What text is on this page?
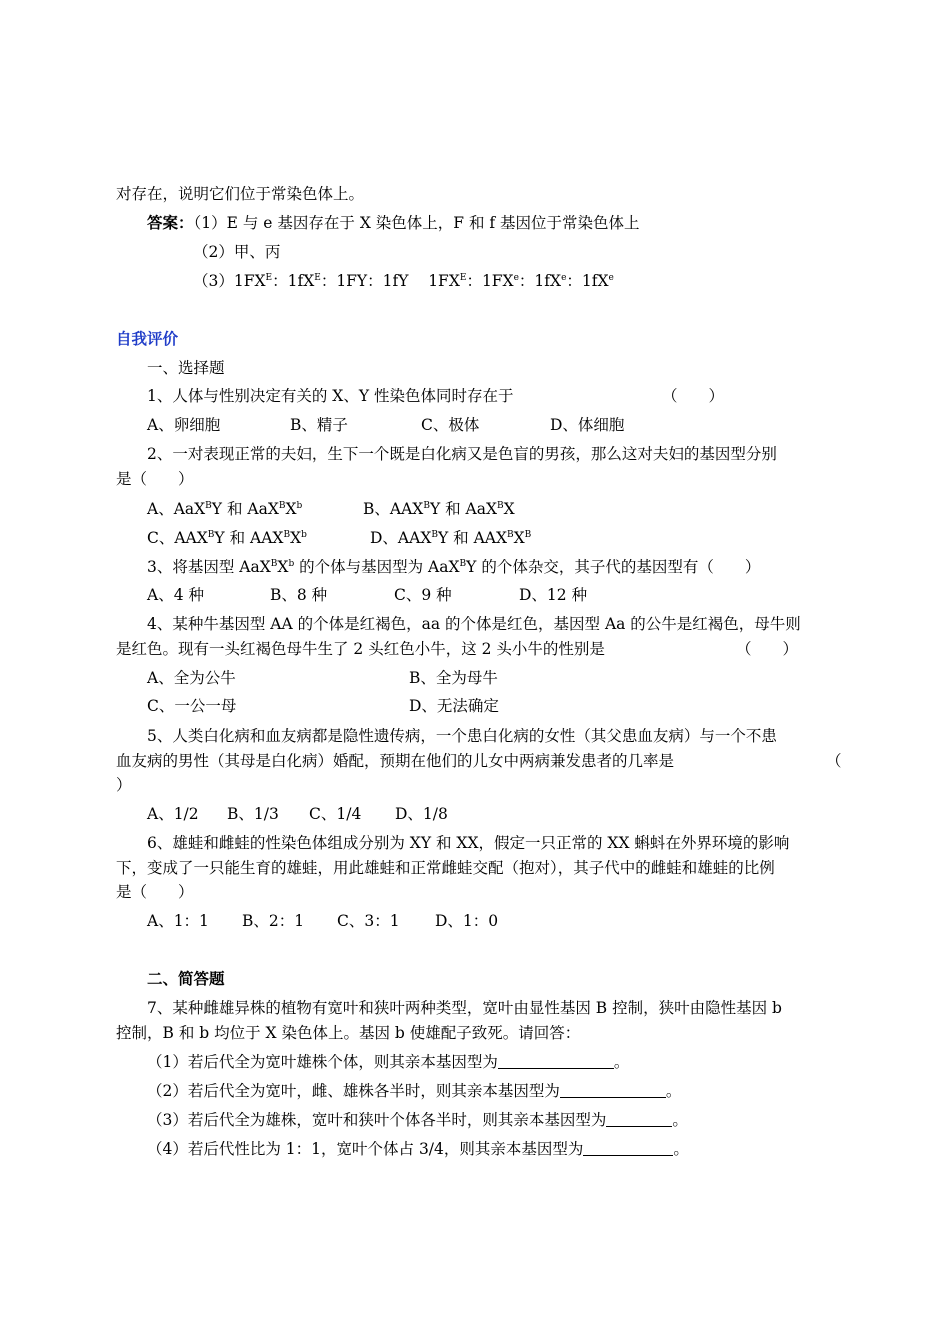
对存在，说明它们位于常染色体上。
答案：（1）E 与 e 基因存在于 X 染色体上，F 和 f 基因位于常染色体上
（2）甲、丙
$(3)1FX^E$：$1fX^E$：1FY：1fY    $1FX^E$：$1FX^e$：$1fX^e$：$1fX^e$
自我评价
一、选择题
1、人体与性别决定有关的 X、Y 性染色体同时存在于	（　　）
A、卵细胞	B、精子	C、极体	D、体细胞
2、一对表现正常的夫妇，生下一个既是白化病又是色盲的男孩，那么这对夫妇的基因型分别
是（　　）
A、AaX$^B$Y 和 $AaX^BX^b$	B、$AAX^BY$ 和 AaX$^B$X
C、$AAX^BY$ 和 $AAX^BX^b$	D、$AAX^BY$ 和 $AAX^BX^B$
3、将基因型 $AaX^BX^b$ 的个体与基因型为 AaX$^B$Y 的个体杂交，其子代的基因型有（　　）
A、4 种	B、8 种	C、9 种	D、12 种
4、某种牛基因型 AA 的个体是红褐色，aa 的个体是红色，基因型 Aa 的公牛是红褐色，母牛则
是红色。现有一头红褐色母牛生了 2 头红色小牛，这 2 头小牛的性别是	（　　）
A、全为公牛	B、全为母牛
C、一公一母	D、无法确定
5、人类白化病和血友病都是隐性遗传病，一个患白化病的女性（其父患血友病）与一个不患
血友病的男性（其母是白化病）婚配，预期在他们的儿女中两病兼发患者的几率是	（
）
A、1/2 B、1/3 C、1/4 D、1/8
6、雄蛙和雌蛙的性染色体组成分别为 XY 和 XX，假定一只正常的 XX 蝌蚪在外界环境的影响
下，变成了一只能生育的雄蛙，用此雄蛙和正常雌蛙交配（抱对），其子代中的雌蛙和雄蛙的比例
是（　　）
A、1：1 B、2：1 C、3：1 D、1：0
二、简答题
7、某种雌雄异株的植物有宽叶和狭叶两种类型，宽叶由显性基因 B 控制，狭叶由隐性基因 b
控制，B 和 b 均位于 X 染色体上。基因 b 使雄配子致死。请回答：
（1）若后代全为宽叶雄株个体，则其亲本基因型为	。
（2）若后代全为宽叶，雌、雄株各半时，则其亲本基因型为	。
（3）若后代全为雄株，宽叶和狭叶个体各半时，则其亲本基因型为	。
（4）若后代性比为 1：1，宽叶个体占 3/4，则其亲本基因型为	。
